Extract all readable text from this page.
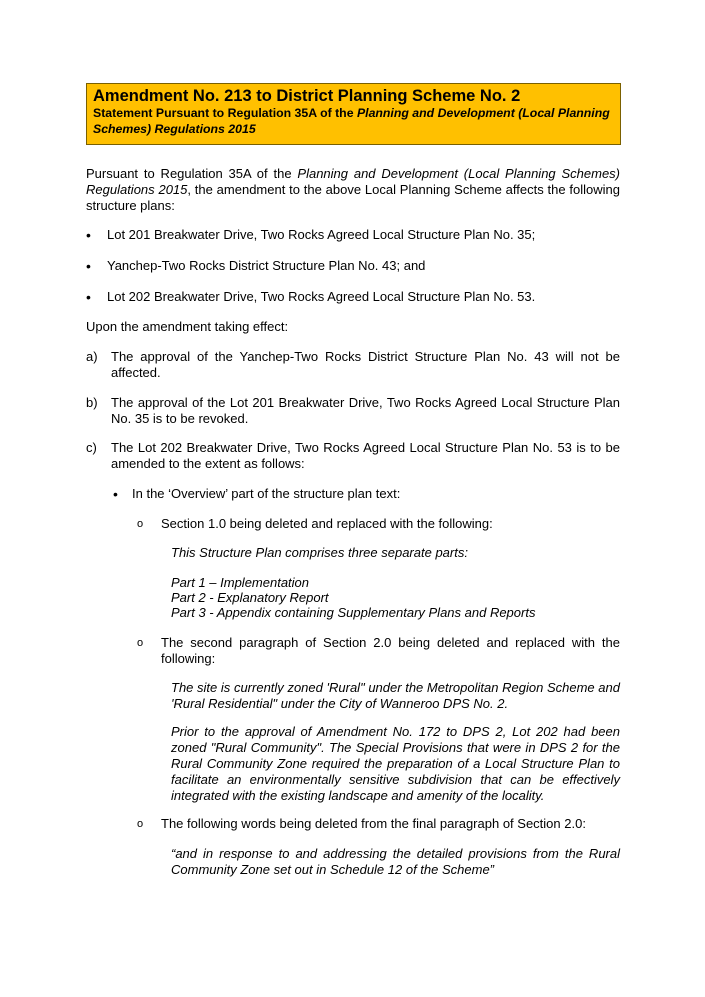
Amendment No. 213 to District Planning Scheme No. 2

Statement Pursuant to Regulation 35A of the Planning and Development (Local Planning Schemes) Regulations 2015

Pursuant to Regulation 35A of the Planning and Development (Local Planning Schemes) Regulations 2015, the amendment to the above Local Planning Scheme affects the following structure plans:

• Lot 201 Breakwater Drive, Two Rocks Agreed Local Structure Plan No. 35;

• Yanchep-Two Rocks District Structure Plan No. 43; and

• Lot 202 Breakwater Drive, Two Rocks Agreed Local Structure Plan No. 53.

Upon the amendment taking effect:

a) The approval of the Yanchep-Two Rocks District Structure Plan No. 43 will not be affected.

b) The approval of the Lot 201 Breakwater Drive, Two Rocks Agreed Local Structure Plan No. 35 is to be revoked.

c) The Lot 202 Breakwater Drive, Two Rocks Agreed Local Structure Plan No. 53 is to be amended to the extent as follows:

• In the ‘Overview’ part of the structure plan text:

o Section 1.0 being deleted and replaced with the following:

This Structure Plan comprises three separate parts:

Part 1 – Implementation

Part 2 - Explanatory Report

Part 3 - Appendix containing Supplementary Plans and Reports

o The second paragraph of Section 2.0 being deleted and replaced with the following:

The site is currently zoned 'Rural" under the Metropolitan Region Scheme and 'Rural Residential" under the City of Wanneroo DPS No. 2.

Prior to the approval of Amendment No. 172 to DPS 2, Lot 202 had been zoned "Rural Community". The Special Provisions that were in DPS 2 for the Rural Community Zone required the preparation of a Local Structure Plan to facilitate an environmentally sensitive subdivision that can be effectively integrated with the existing landscape and amenity of the locality.

o The following words being deleted from the final paragraph of Section 2.0:

“and in response to and addressing the detailed provisions from the Rural Community Zone set out in Schedule 12 of the Scheme”
